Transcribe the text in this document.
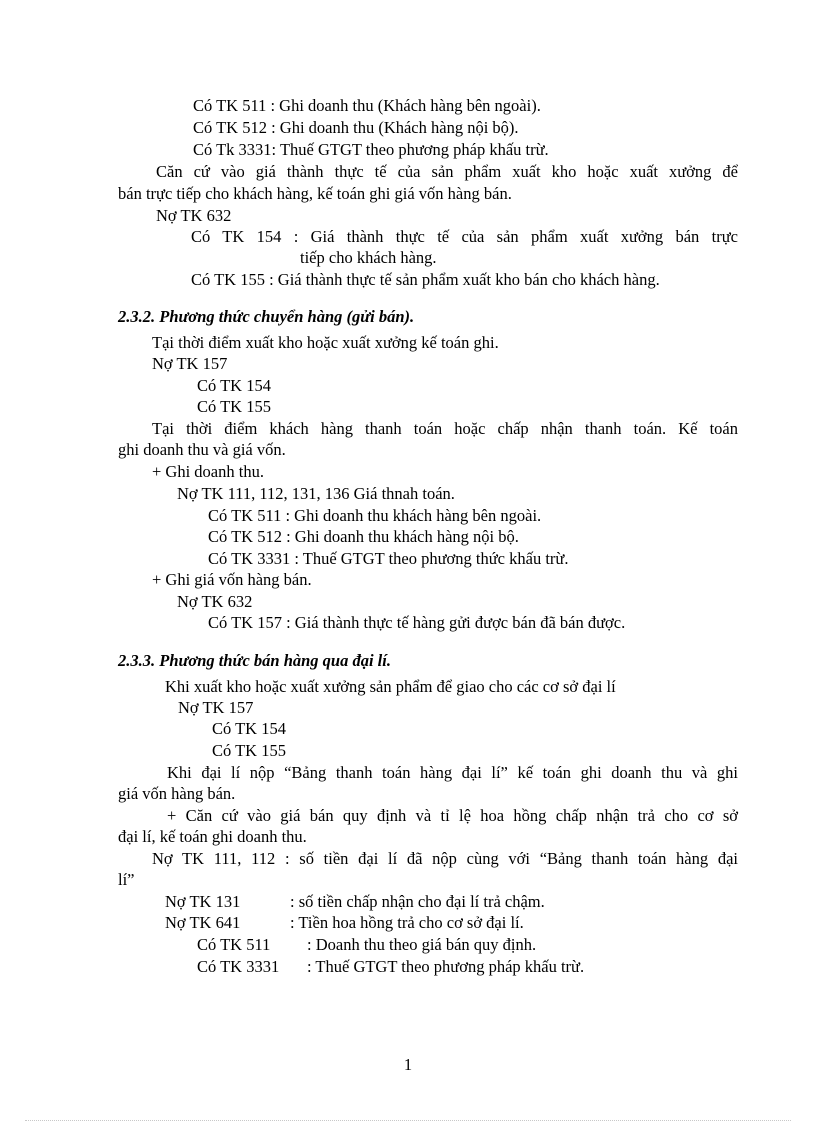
Có TK 511 : Ghi doanh thu (Khách hàng bên ngoài).
Có TK 512 : Ghi doanh thu (Khách hàng nội bộ).
Có Tk 3331: Thuế GTGT theo phương pháp khấu trừ.
Căn cứ vào giá thành thực tế của sản phẩm xuất kho hoặc xuất xưởng để
bán trực tiếp cho khách hàng, kế toán ghi giá vốn hàng bán.
Nợ TK 632
Có TK 154 : Giá thành thực tế của sản phẩm xuất xưởng bán trực
tiếp cho khách hàng.
Có TK 155 : Giá thành thực tế sản phẩm xuất kho bán cho khách hàng.
2.3.2. Phương thức chuyển hàng (gửi bán).
Tại thời điểm xuất kho hoặc xuất xưởng kế toán ghi.
Nợ TK 157
Có TK 154
Có TK 155
Tại thời điểm khách hàng thanh toán hoặc chấp nhận thanh toán. Kế toán
ghi doanh thu và giá vốn.
+ Ghi doanh thu.
Nợ TK 111, 112, 131, 136 Giá thnah toán.
Có TK 511 : Ghi doanh thu khách hàng bên ngoài.
Có TK 512 : Ghi doanh thu khách hàng nội bộ.
Có TK 3331 : Thuế GTGT theo phương thức khấu trừ.
+ Ghi giá vốn hàng bán.
Nợ TK 632
Có TK 157 : Giá thành thực tế hàng gửi được bán đã bán được.
2.3.3. Phương thức bán hàng qua đại lí.
Khi xuất kho hoặc xuất xưởng sản phẩm để giao cho các cơ sở đại lí
Nợ TK 157
Có TK 154
Có TK 155
Khi đại lí nộp “Bảng thanh toán hàng đại lí” kế toán ghi doanh thu và ghi
giá vốn hàng bán.
+ Căn cứ vào giá bán quy định và tỉ lệ hoa hồng chấp nhận trả cho cơ sở
đại lí, kế toán ghi doanh thu.
Nợ TK 111, 112 : số tiền đại lí đã nộp cùng với “Bảng thanh toán hàng đại
lí”
Nợ TK 131	: số tiền chấp nhận cho đại lí trả chậm.
Nợ TK 641	: Tiền hoa hồng trả cho cơ sở đại lí.
Có TK 511 : Doanh thu theo giá bán quy định.
Có TK 3331 : Thuế GTGT theo phương pháp khấu trừ.
1
